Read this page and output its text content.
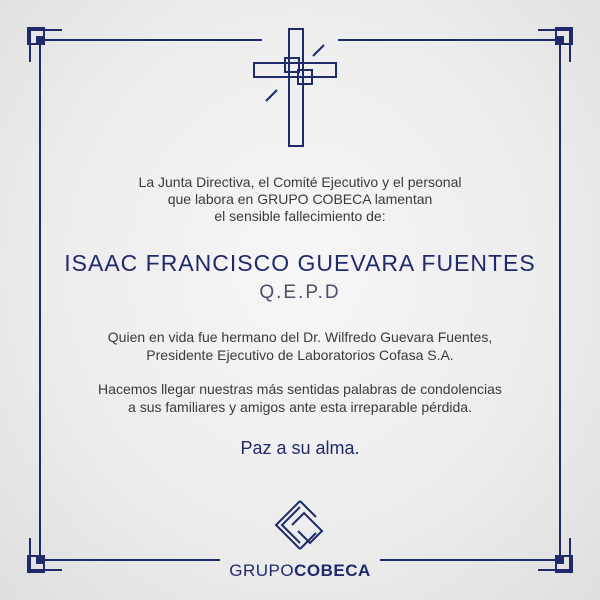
La Junta Directiva, el Comité Ejecutivo y el personal
que labora en GRUPO COBECA lamentan
el sensible fallecimiento de:

ISAAC FRANCISCO GUEVARA FUENTES

Q.E.P.D

Quien en vida fue hermano del Dr. Wilfredo Guevara Fuentes,
Presidente Ejecutivo de Laboratorios Cofasa S.A.

Hacemos llegar nuestras más sentidas palabras de condolencias
a sus familiares y amigos ante esta irreparable pérdida.

Paz a su alma.

GRUPOCOBECA
